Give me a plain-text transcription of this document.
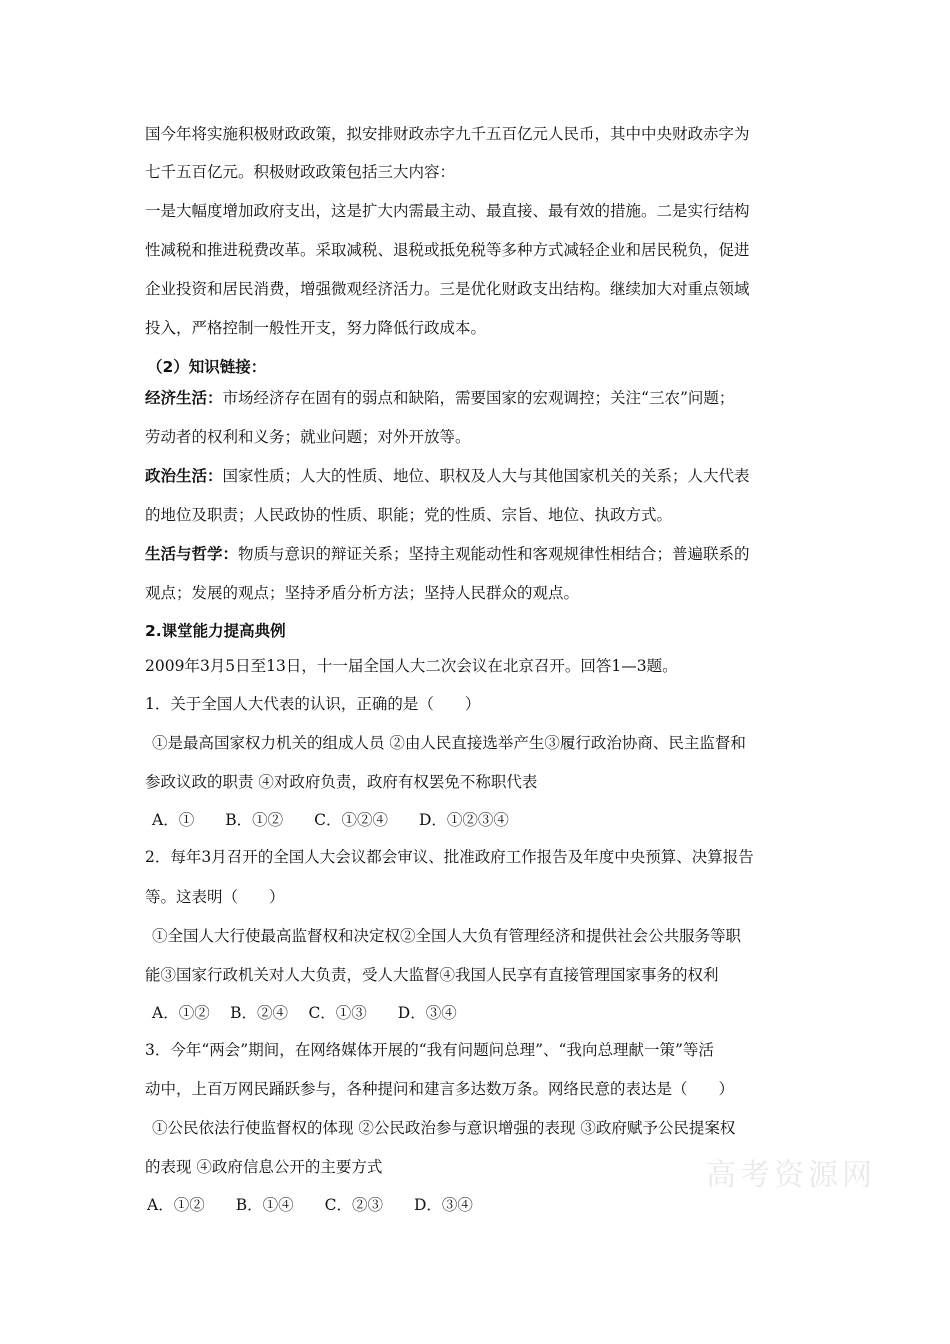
国今年将实施积极财政政策，拟安排财政赤字九千五百亿元人民币，其中中央财政赤字为
七千五百亿元。积极财政政策包括三大内容：
一是大幅度增加政府支出，这是扩大内需最主动、最直接、最有效的措施。二是实行结构
性减税和推进税费改革。采取减税、退税或抵免税等多种方式减轻企业和居民税负，促进
企业投资和居民消费，增强微观经济活力。三是优化财政支出结构。继续加大对重点领域
投入，严格控制一般性开支，努力降低行政成本。
（2）知识链接：
经济生活：市场经济存在固有的弱点和缺陷，需要国家的宏观调控；关注“三农”问题；
劳动者的权利和义务；就业问题；对外开放等。
政治生活：国家性质；人大的性质、地位、职权及人大与其他国家机关的关系；人大代表
的地位及职责；人民政协的性质、职能；党的性质、宗旨、地位、执政方式。
生活与哲学：物质与意识的辩证关系；坚持主观能动性和客观规律性相结合；普遍联系的
观点；发展的观点；坚持矛盾分析方法；坚持人民群众的观点。
2.课堂能力提高典例
2009年3月5日至13日，十一届全国人大二次会议在北京召开。回答1—3题。
1．关于全国人大代表的认识，正确的是（　　）
①是最高国家权力机关的组成人员 ②由人民直接选举产生③履行政治协商、民主监督和
参政议政的职责 ④对政府负责，政府有权罢免不称职代表
A．①　　B．①②　　C．①②④　　D．①②③④
2．每年3月召开的全国人大会议都会审议、批准政府工作报告及年度中央预算、决算报告
等。这表明（　　）
①全国人大行使最高监督权和决定权②全国人大负有管理经济和提供社会公共服务等职
能③国家行政机关对人大负责，受人大监督④我国人民享有直接管理国家事务的权利
A．①②　 B．②④　 C．①③　　D．③④
3．今年“两会”期间，在网络媒体开展的“我有问题问总理”、“我向总理献一策”等活
动中，上百万网民踊跃参与，各种提问和建言多达数万条。网络民意的表达是（　　）
①公民依法行使监督权的体现 ②公民政治参与意识增强的表现 ③政府赋予公民提案权
的表现 ④政府信息公开的主要方式
A．①②　　B．①④　　C．②③　　D．③④
高考资源网
